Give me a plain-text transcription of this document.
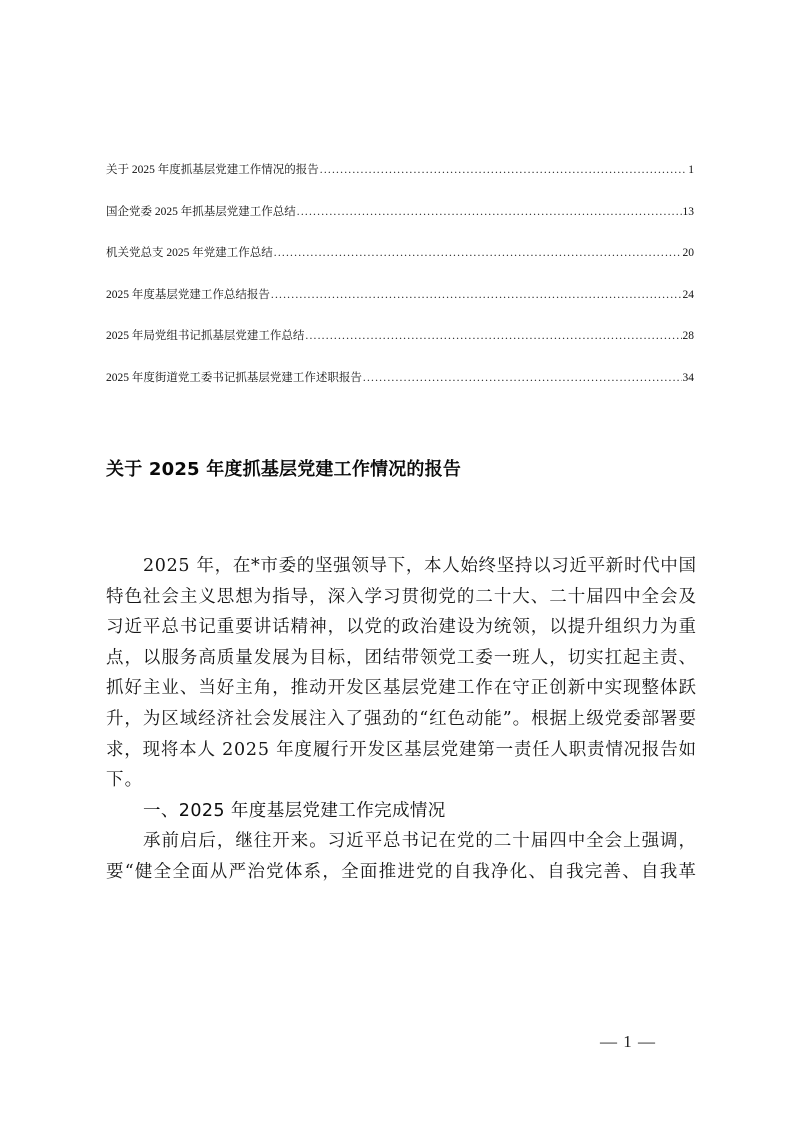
关于 2025 年度抓基层党建工作情况的报告 .....	1
国企党委 2025 年抓基层党建工作总结 .....	13
机关党总支 2025 年党建工作总结 .....	20
2025 年度基层党建工作总结报告 .....	24
2025 年局党组书记抓基层党建工作总结 .....	28
2025 年度街道党工委书记抓基层党建工作述职报告 .....	34
关于 2025 年度抓基层党建工作情况的报告
2025 年，在*市委的坚强领导下，本人始终坚持以习近平新时代中国
特色社会主义思想为指导，深入学习贯彻党的二十大、二十届四中全会及
习近平总书记重要讲话精神，以党的政治建设为统领，以提升组织力为重
点，以服务高质量发展为目标，团结带领党工委一班人，切实扛起主责、
抓好主业、当好主角，推动开发区基层党建工作在守正创新中实现整体跃
升，为区域经济社会发展注入了强劲的“红色动能”。根据上级党委部署要
求，现将本人 2025 年度履行开发区基层党建第一责任人职责情况报告如
下。
一、2025 年度基层党建工作完成情况
承前启后，继往开来。习近平总书记在党的二十届四中全会上强调，
要“健全全面从严治党体系，全面推进党的自我净化、自我完善、自我革
— 1 —
